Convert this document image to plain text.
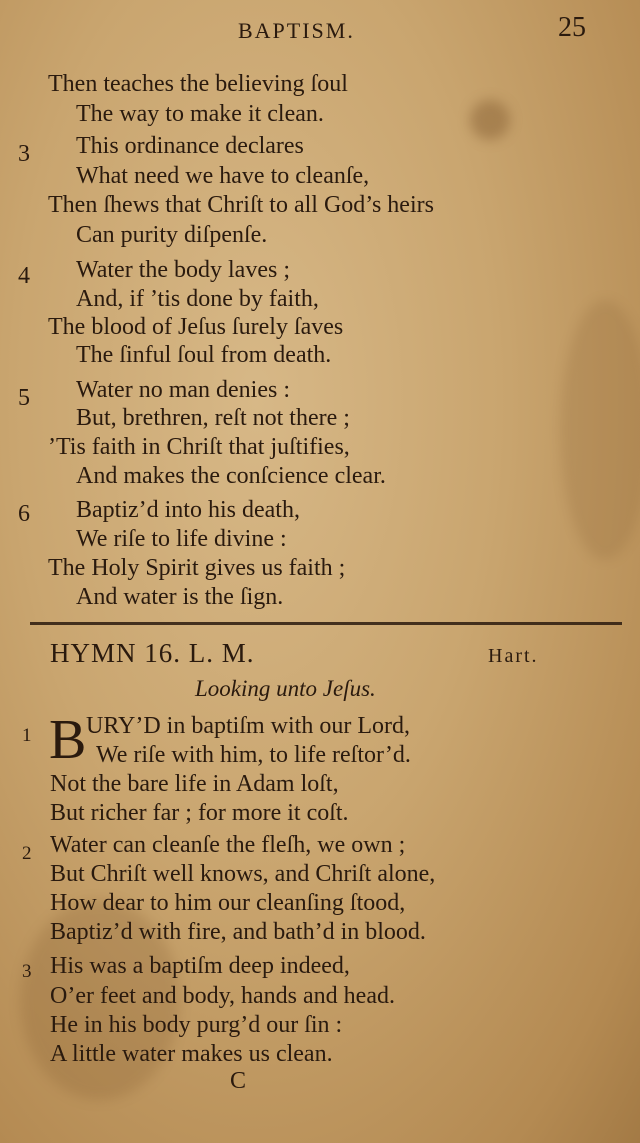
BAPTISM.	25
Then teaches the believing ſoul
The way to make it clean.
3 This ordinance declares
What need we have to cleanſe,
Then ſhews that Chriſt to all God’s heirs
Can purity diſpenſe.
4 Water the body laves ;
And, if ’tis done by faith,
The blood of Jeſus ſurely ſaves
The ſinful ſoul from death.
5 Water no man denies :
But, brethren, reſt not there ;
’Tis faith in Chriſt that juſtifies,
And makes the conſcience clear.
6 Baptiz’d into his death,
We riſe to life divine :
The Holy Spirit gives us faith ;
And water is the ſign.
HYMN 16. L. M.	Hart.
Looking unto Jeſus.
1 B URY’D in baptiſm with our Lord,
We riſe with him, to life reſtor’d.
Not the bare life in Adam loſt,
But richer far ; for more it coſt.
2 Water can cleanſe the fleſh, we own ;
But Chriſt well knows, and Chriſt alone,
How dear to him our cleanſing ſtood,
Baptiz’d with fire, and bath’d in blood.
3 His was a baptiſm deep indeed,
O’er feet and body, hands and head.
He in his body purg’d our ſin :
A little water makes us clean.
C
